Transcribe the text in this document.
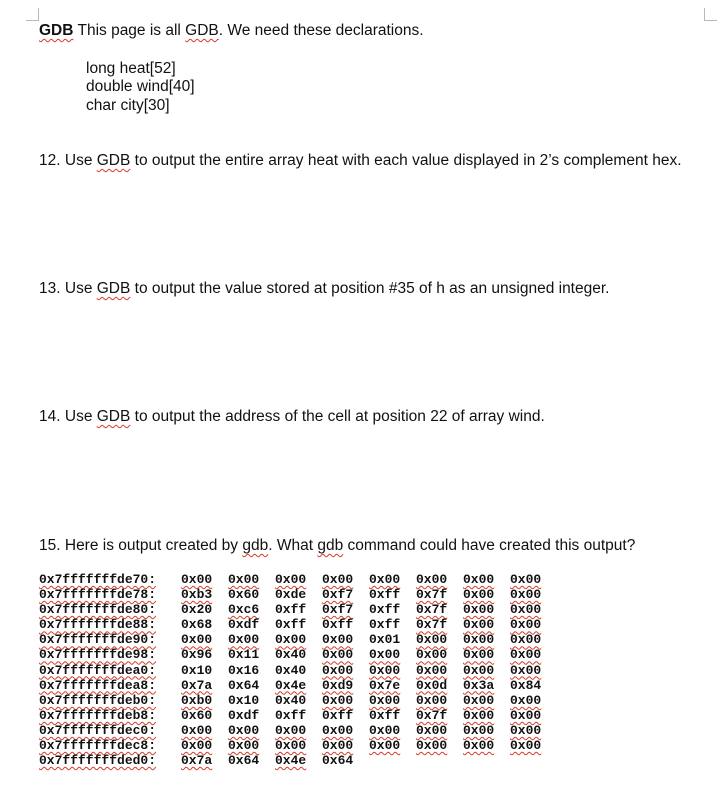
GDB This page is all GDB. We need these declarations.
long heat[52]
double wind[40]
char city[30]
12. Use GDB to output the entire array heat with each value displayed in 2’s complement hex.
13. Use GDB to output the value stored at position #35 of h as an unsigned integer.
14. Use GDB to output the address of the cell at position 22 of array wind.
15. Here is output created by gdb. What gdb command could have created this output?
0x7fffffffde70: 0x00 0x00 0x00 0x00 0x00 0x00 0x00 0x00
0x7fffffffde78: 0xb3 0x60 0xde 0xf7 0xff 0x7f 0x00 0x00
0x7fffffffde80: 0x20 0xc6 0xff 0xf7 0xff 0x7f 0x00 0x00
0x7fffffffde88: 0x68 0xdf 0xff 0xff 0xff 0x7f 0x00 0x00
0x7fffffffde90: 0x00 0x00 0x00 0x00 0x01 0x00 0x00 0x00
0x7fffffffde98: 0x96 0x11 0x40 0x00 0x00 0x00 0x00 0x00
0x7fffffffdea0: 0x10 0x16 0x40 0x00 0x00 0x00 0x00 0x00
0x7fffffffdea8: 0x7a 0x64 0x4e 0xd9 0x7e 0x0d 0x3a 0x84
0x7fffffffdeb0: 0xb0 0x10 0x40 0x00 0x00 0x00 0x00 0x00
0x7fffffffdeb8: 0x60 0xdf 0xff 0xff 0xff 0x7f 0x00 0x00
0x7fffffffdec0: 0x00 0x00 0x00 0x00 0x00 0x00 0x00 0x00
0x7fffffffdec8: 0x00 0x00 0x00 0x00 0x00 0x00 0x00 0x00
0x7fffffffded0: 0x7a 0x64 0x4e 0x64
